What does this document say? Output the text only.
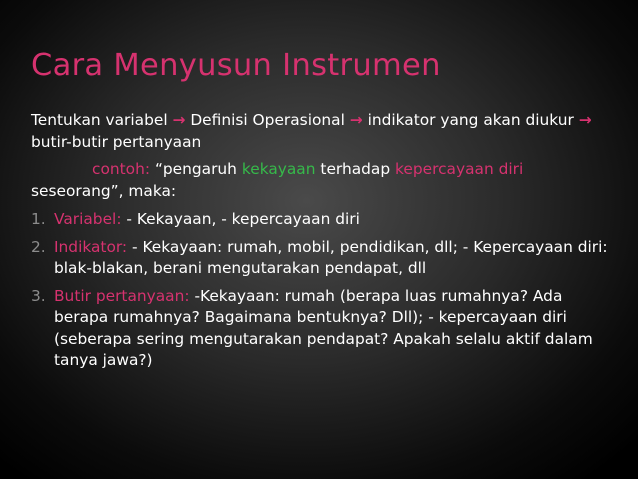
Cara Menyusun Instrumen
Tentukan variabel → Definisi Operasional → indikator yang akan diukur → butir-butir pertanyaan
contoh: “pengaruh kekayaan terhadap kepercayaan diri seseorang”, maka:
1. Variabel: - Kekayaan, - kepercayaan diri
2. Indikator: - Kekayaan: rumah, mobil, pendidikan, dll; - Kepercayaan diri: blak-blakan, berani mengutarakan pendapat, dll
3. Butir pertanyaan: -Kekayaan: rumah (berapa luas rumahnya? Ada berapa rumahnya? Bagaimana bentuknya? Dll); - kepercayaan diri (seberapa sering mengutarakan pendapat? Apakah selalu aktif dalam tanya jawa?)
